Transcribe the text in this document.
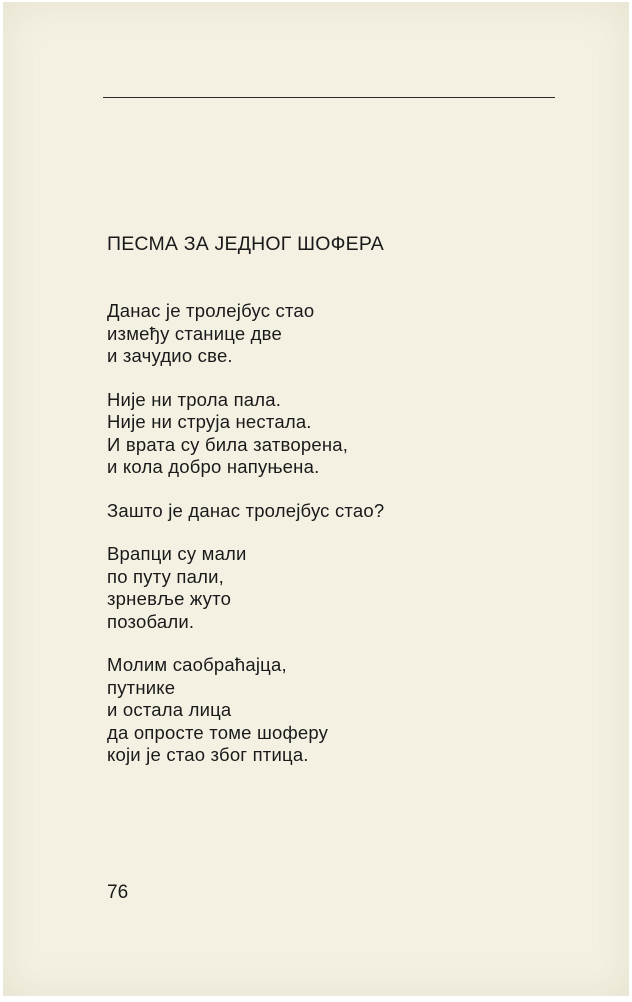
ПЕСМА ЗА ЈЕДНОГ ШОФЕРА
Данас је тролејбус стао
између станице две
и зачудио све.
Није ни трола пала.
Није ни струја нестала.
И врата су била затворена,
и кола добро напуњена.
Зашто је данас тролејбус стао?
Врапци су мали
по путу пали,
зрневље жуто
позобали.
Молим саобраћајца,
путнике
и остала лица
да опросте томе шоферу
који је стао због птица.
76
